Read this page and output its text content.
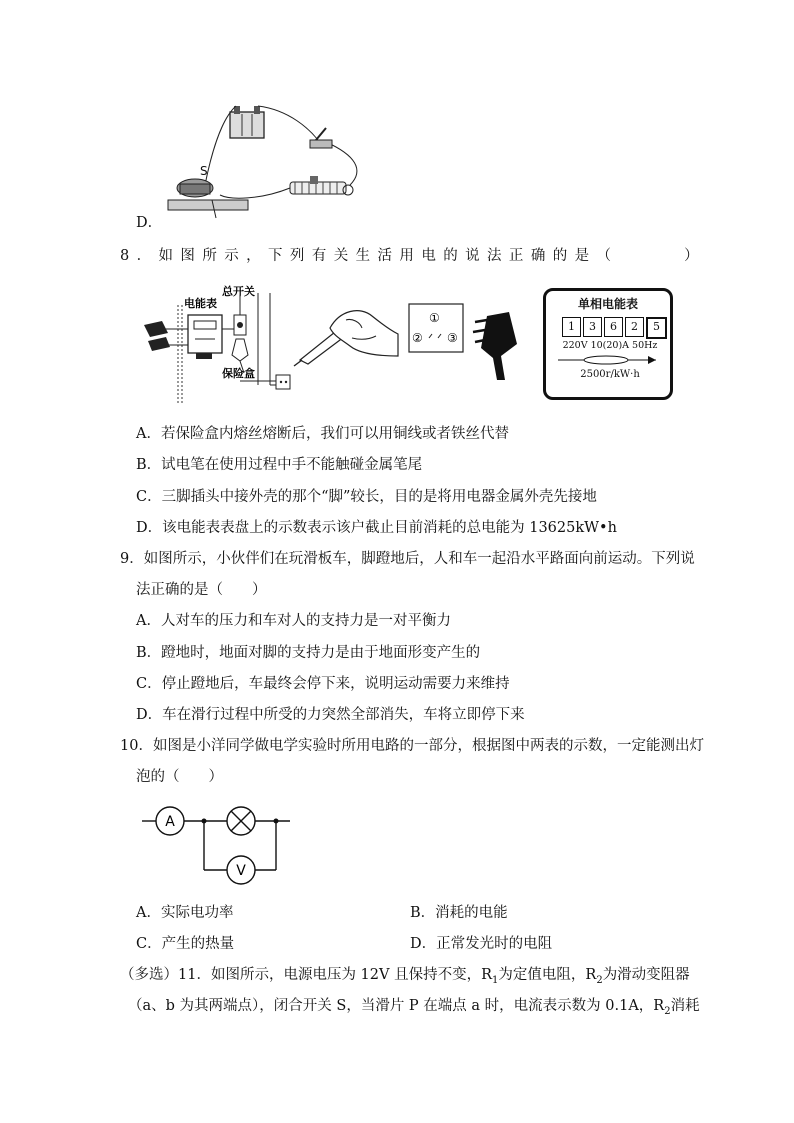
S
D．
8．如图所示，下列有关生活用电的说法正确的是（　　　）
电能表
总开关
保险盒
①
② ③
单相电能表
1	3	6	2	5
220V 10(20)A 50Hz
2500r/kW·h
A．若保险盒内熔丝熔断后，我们可以用铜线或者铁丝代替
B．试电笔在使用过程中手不能触碰金属笔尾
C．三脚插头中接外壳的那个“脚”较长，目的是将用电器金属外壳先接地
D．该电能表表盘上的示数表示该户截止目前消耗的总电能为 13625kW•h
9．如图所示，小伙伴们在玩滑板车，脚蹬地后，人和车一起沿水平路面向前运动。下列说
法正确的是（　　）
A．人对车的压力和车对人的支持力是一对平衡力
B．蹬地时，地面对脚的支持力是由于地面形变产生的
C．停止蹬地后，车最终会停下来，说明运动需要力来维持
D．车在滑行过程中所受的力突然全部消失，车将立即停下来
10．如图是小洋同学做电学实验时所用电路的一部分，根据图中两表的示数，一定能测出灯
泡的（　　）
A
V
A．实际电功率	B．消耗的电能
C．产生的热量	D．正常发光时的电阻
（多选）11．如图所示，电源电压为 12V 且保持不变，$R_1$为定值电阻，$R_2$为滑动变阻器
（a、b 为其两端点），闭合开关 S，当滑片 P 在端点 a 时，电流表示数为 0.1A，$R_2$消耗
